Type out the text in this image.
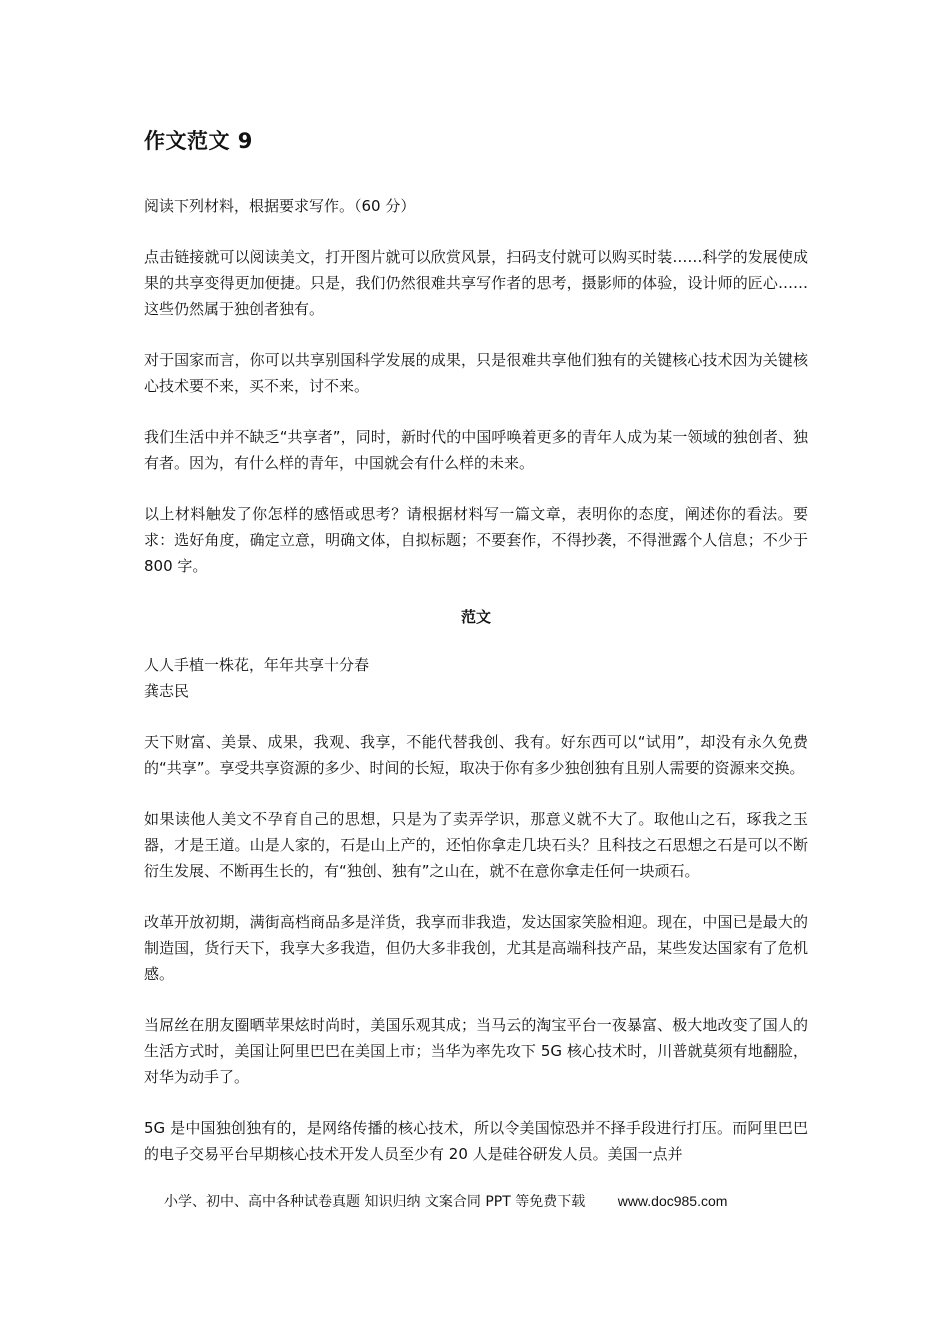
作文范文 9

阅读下列材料，根据要求写作。（60 分）

点击链接就可以阅读美文，打开图片就可以欣赏风景，扫码支付就可以购买时装……科学的发展使成果的共享变得更加便捷。只是，我们仍然很难共享写作者的思考，摄影师的体验，设计师的匠心……这些仍然属于独创者独有。

对于国家而言，你可以共享别国科学发展的成果，只是很难共享他们独有的关键核心技术因为关键核心技术要不来，买不来，讨不来。

我们生活中并不缺乏“共享者”，同时，新时代的中国呼唤着更多的青年人成为某一领域的独创者、独有者。因为，有什么样的青年，中国就会有什么样的未来。

以上材料触发了你怎样的感悟或思考？请根据材料写一篇文章，表明你的态度，阐述你的看法。要求：选好角度，确定立意，明确文体，自拟标题；不要套作，不得抄袭，不得泄露个人信息；不少于 800 字。

范文

人人手植一株花，年年共享十分春
龚志民

天下财富、美景、成果，我观、我享，不能代替我创、我有。好东西可以“试用”，却没有永久免费的“共享”。享受共享资源的多少、时间的长短，取决于你有多少独创独有且别人需要的资源来交换。

如果读他人美文不孕育自己的思想，只是为了卖弄学识，那意义就不大了。取他山之石，琢我之玉器，才是王道。山是人家的，石是山上产的，还怕你拿走几块石头？且科技之石思想之石是可以不断衍生发展、不断再生长的，有“独创、独有”之山在，就不在意你拿走任何一块顽石。

改革开放初期，满街高档商品多是洋货，我享而非我造，发达国家笑脸相迎。现在，中国已是最大的制造国，货行天下，我享大多我造，但仍大多非我创，尤其是高端科技产品，某些发达国家有了危机感。

当屌丝在朋友圈晒苹果炫时尚时，美国乐观其成；当马云的淘宝平台一夜暴富、极大地改变了国人的生活方式时，美国让阿里巴巴在美国上市；当华为率先攻下 5G 核心技术时，川普就莫须有地翻脸，对华为动手了。

5G 是中国独创独有的，是网络传播的核心技术，所以令美国惊恐并不择手段进行打压。而阿里巴巴的电子交易平台早期核心技术开发人员至少有 20 人是硅谷研发人员。美国一点并

小学、初中、高中各种试卷真题 知识归纳 文案合同 PPT 等免费下载 www.doc985.com
